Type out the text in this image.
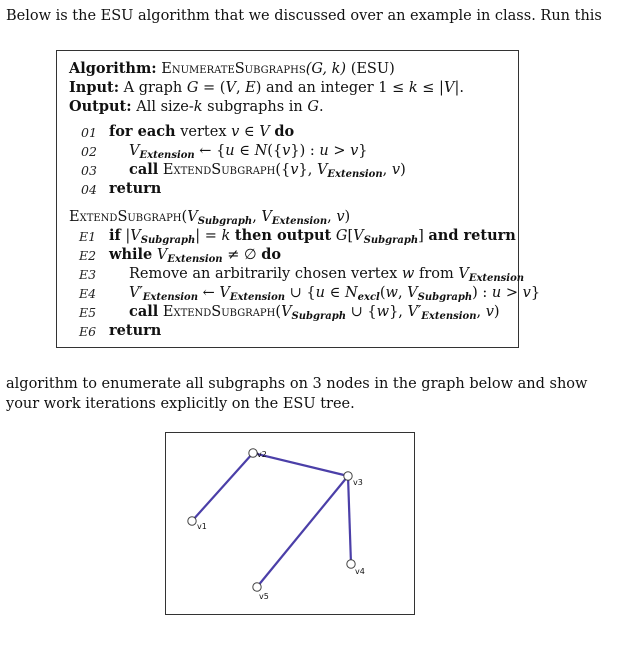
Below is the ESU algorithm that we discussed over an example in class. Run this
Algorithm: EnumerateSubgraphs(G, k) (ESU)
Input: A graph G = (V, E) and an integer 1 ≤ k ≤ |V|.
Output: All size-k subgraphs in G.
01 for each vertex v ∈ V do
02 $V_{Extension}$ ← {u ∈ N({v}) : u > v}
03 call ExtendSubgraph({v}, $V_{Extension}$, v)
04 return
$ExtendSubgraph(V_{Subgraph}$, $V_{Extension}$, v)
E1 if $|V_{Subgraph}| = k$ then output $G[V_{Subgraph}]$ and return
E2 while $V_{Extension}$ ≠ ∅ do
E3 Remove an arbitrarily chosen vertex w from $V_{Extension}$
E4 $V'_{Extension}$ ← $V_{Extension}$ ∪ {u ∈ $N_{excl}(w$, $V_{Subgraph}$) : u > v}
E5 call $ExtendSubgraph(V_{Subgraph}$ ∪ {w}, $V'_{Extension}$, v)
E6 return
algorithm to enumerate all subgraphs on 3 nodes in the graph below and show your work iterations explicitly on the ESU tree.
v1
v2
v3
v4
v5
